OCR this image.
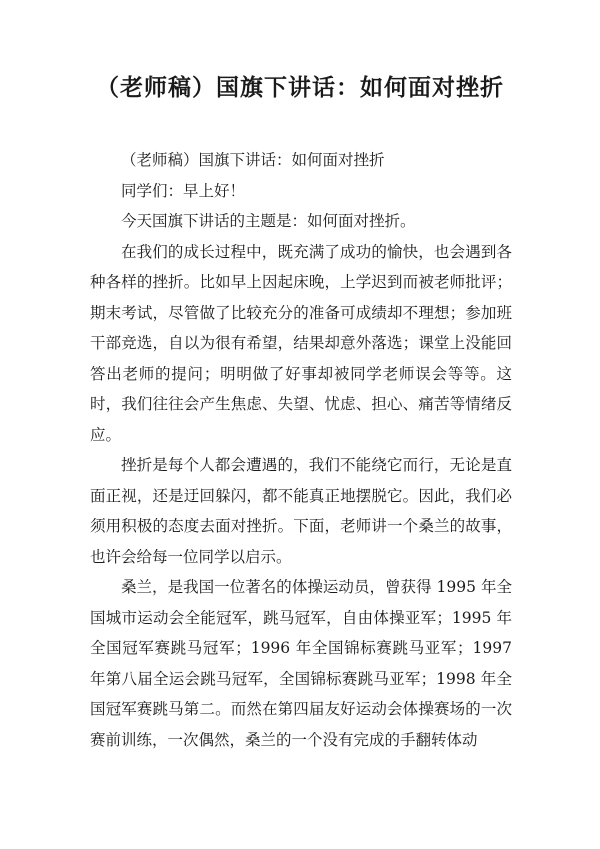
（老师稿）国旗下讲话：如何面对挫折

（老师稿）国旗下讲话：如何面对挫折

同学们：早上好！

今天国旗下讲话的主题是：如何面对挫折。

在我们的成长过程中，既充满了成功的愉快，也会遇到各种各样的挫折。比如早上因起床晚，上学迟到而被老师批评；期末考试，尽管做了比较充分的准备可成绩却不理想；参加班干部竞选，自以为很有希望，结果却意外落选；课堂上没能回答出老师的提问；明明做了好事却被同学老师误会等等。这时，我们往往会产生焦虑、失望、忧虑、担心、痛苦等情绪反应。

挫折是每个人都会遭遇的，我们不能绕它而行，无论是直面正视，还是迂回躲闪，都不能真正地摆脱它。因此，我们必须用积极的态度去面对挫折。下面，老师讲一个桑兰的故事，也许会给每一位同学以启示。

桑兰，是我国一位著名的体操运动员，曾获得 1995 年全国城市运动会全能冠军，跳马冠军，自由体操亚军；1995 年全国冠军赛跳马冠军；1996 年全国锦标赛跳马亚军；1997 年第八届全运会跳马冠军，全国锦标赛跳马亚军；1998 年全国冠军赛跳马第二。而然在第四届友好运动会体操赛场的一次赛前训练，一次偶然，桑兰的一个没有完成的手翻转体动
